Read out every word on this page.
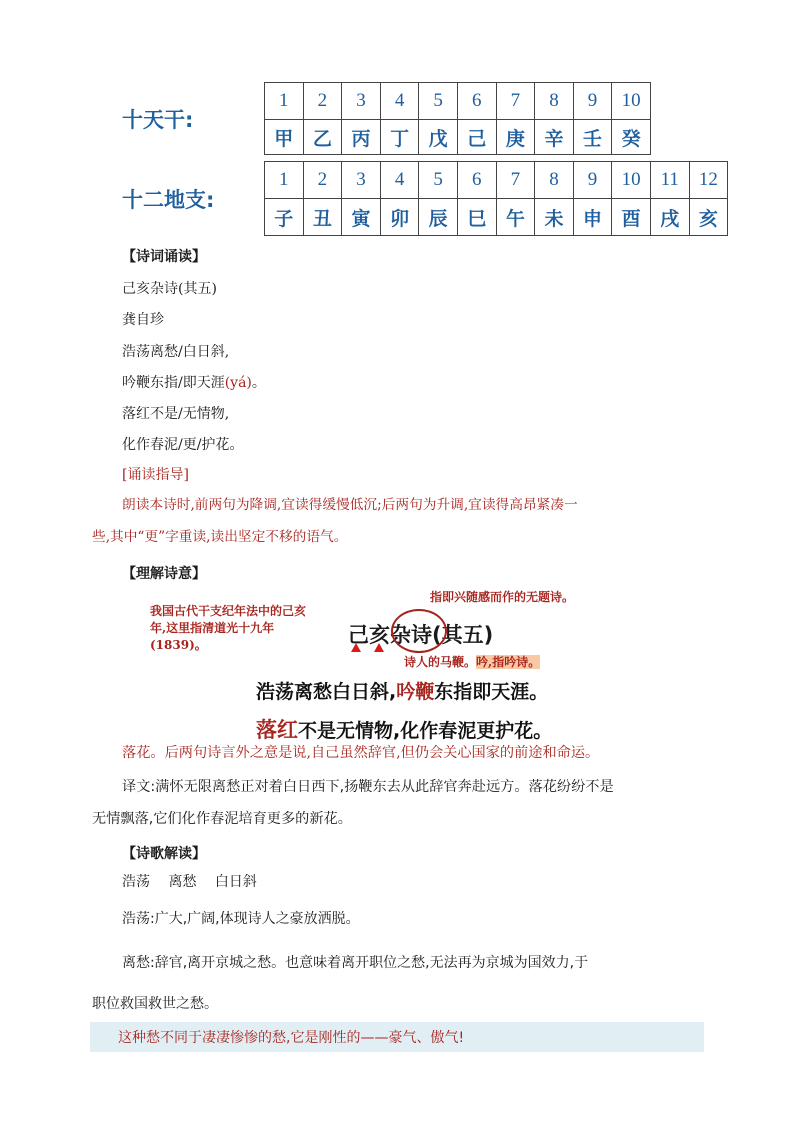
十天干:
1	2	3	4	5	6	7	8	9	10
甲	乙	丙	丁	戊	己	庚	辛	壬	癸
十二地支:
1	2	3	4	5	6	7	8	9	10	11	12
子	丑	寅	卯	辰	巳	午	未	申	酉	戌	亥
【诗词诵读】
己亥杂诗(其五)
龚自珍
浩荡离愁/白日斜,
吟鞭东指/即天涯(yá)。
落红不是/无情物,
化作春泥/更/护花。
[诵读指导]
朗读本诗时,前两句为降调,宜读得缓慢低沉;后两句为升调,宜读得高昂紧凑一
些,其中“更”字重读,读出坚定不移的语气。
【理解诗意】
指即兴随感而作的无题诗。
我国古代干支纪年法中的己亥
年,这里指清道光十九年
(1839)。	己亥杂诗(其五)
诗人的马鞭。吟,指吟诗。
浩荡离愁白日斜,吟鞭东指即天涯。
落红不是无情物,化作春泥更护花。
落花。后两句诗言外之意是说,自己虽然辞官,但仍会关心国家的前途和命运。
译文:满怀无限离愁正对着白日西下,扬鞭东去从此辞官奔赴远方。落花纷纷不是
无情飘落,它们化作春泥培育更多的新花。
【诗歌解读】
浩荡　 离愁　 白日斜
浩荡:广大,广阔,体现诗人之豪放洒脱。
离愁:辞官,离开京城之愁。也意味着离开职位之愁,无法再为京城为国效力,于
职位救国救世之愁。
这种愁不同于凄凄惨惨的愁,它是刚性的——豪气、傲气!
